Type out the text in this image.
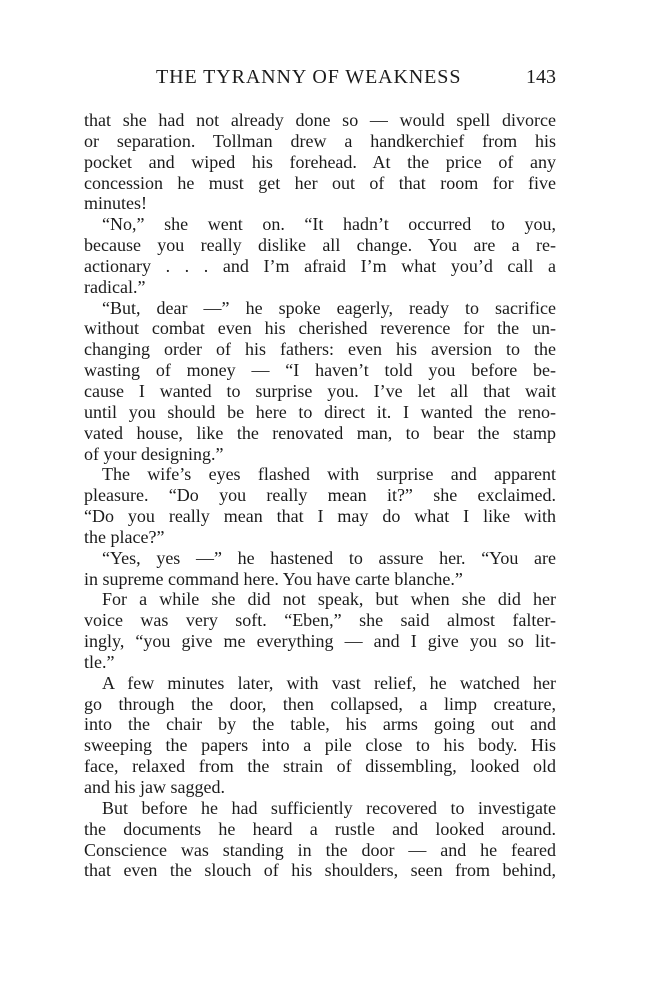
THE TYRANNY OF WEAKNESS	143
that she had not already done so — would spell divorce
or separation. Tollman drew a handkerchief from his
pocket and wiped his forehead. At the price of any
concession he must get her out of that room for five
minutes!
“No,” she went on. “It hadn’t occurred to you,
because you really dislike all change. You are a re-
actionary . . . and I’m afraid I’m what you’d call a
radical.”
“But, dear —” he spoke eagerly, ready to sacrifice
without combat even his cherished reverence for the un-
changing order of his fathers: even his aversion to the
wasting of money — “I haven’t told you before be-
cause I wanted to surprise you. I’ve let all that wait
until you should be here to direct it. I wanted the reno-
vated house, like the renovated man, to bear the stamp
of your designing.”
The wife’s eyes flashed with surprise and apparent
pleasure. “Do you really mean it?” she exclaimed.
“Do you really mean that I may do what I like with
the place?”
“Yes, yes —” he hastened to assure her. “You are
in supreme command here. You have carte blanche.”
For a while she did not speak, but when she did her
voice was very soft. “Eben,” she said almost falter-
ingly, “you give me everything — and I give you so lit-
tle.”
A few minutes later, with vast relief, he watched her
go through the door, then collapsed, a limp creature,
into the chair by the table, his arms going out and
sweeping the papers into a pile close to his body. His
face, relaxed from the strain of dissembling, looked old
and his jaw sagged.
But before he had sufficiently recovered to investigate
the documents he heard a rustle and looked around.
Conscience was standing in the door — and he feared
that even the slouch of his shoulders, seen from behind,
